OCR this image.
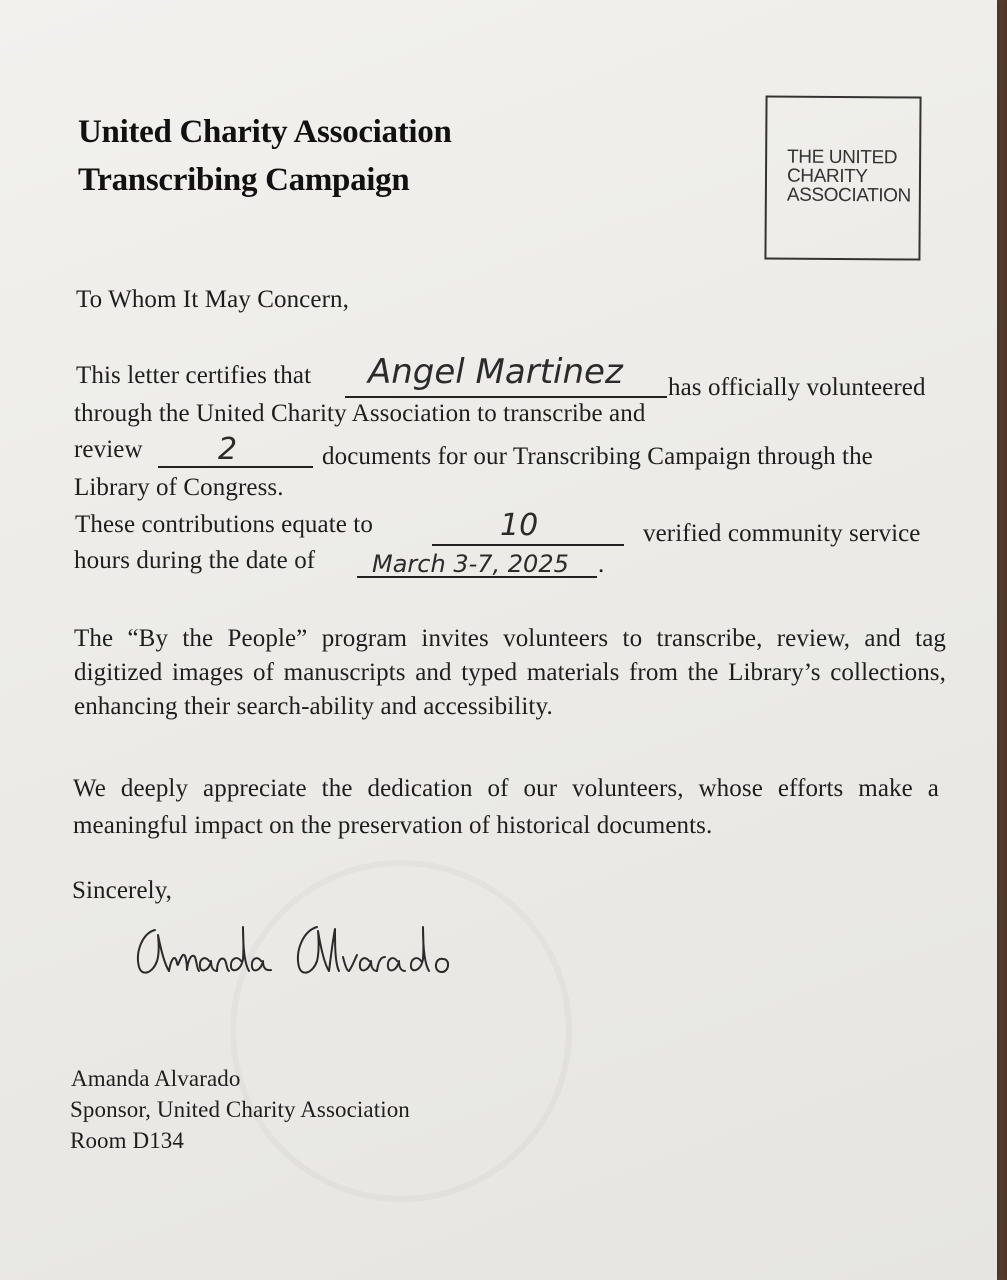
United Charity Association
Transcribing Campaign
THE UNITED
CHARITY
ASSOCIATION
To Whom It May Concern,
This letter certifies that Angel Martinez has officially volunteered
through the United Charity Association to transcribe and
review	2	documents for our Transcribing Campaign through the
Library of Congress.
These contributions equate to	10	verified community service
hours during the date of March 3-7, 2025 .
The “By the People” program invites volunteers to transcribe, review, and tag digitized images of manuscripts and typed materials from the Library’s collections, enhancing their search-ability and accessibility.
We deeply appreciate the dedication of our volunteers, whose efforts make a meaningful impact on the preservation of historical documents.
Sincerely,
Amanda Alvarado
Sponsor, United Charity Association
Room D134
